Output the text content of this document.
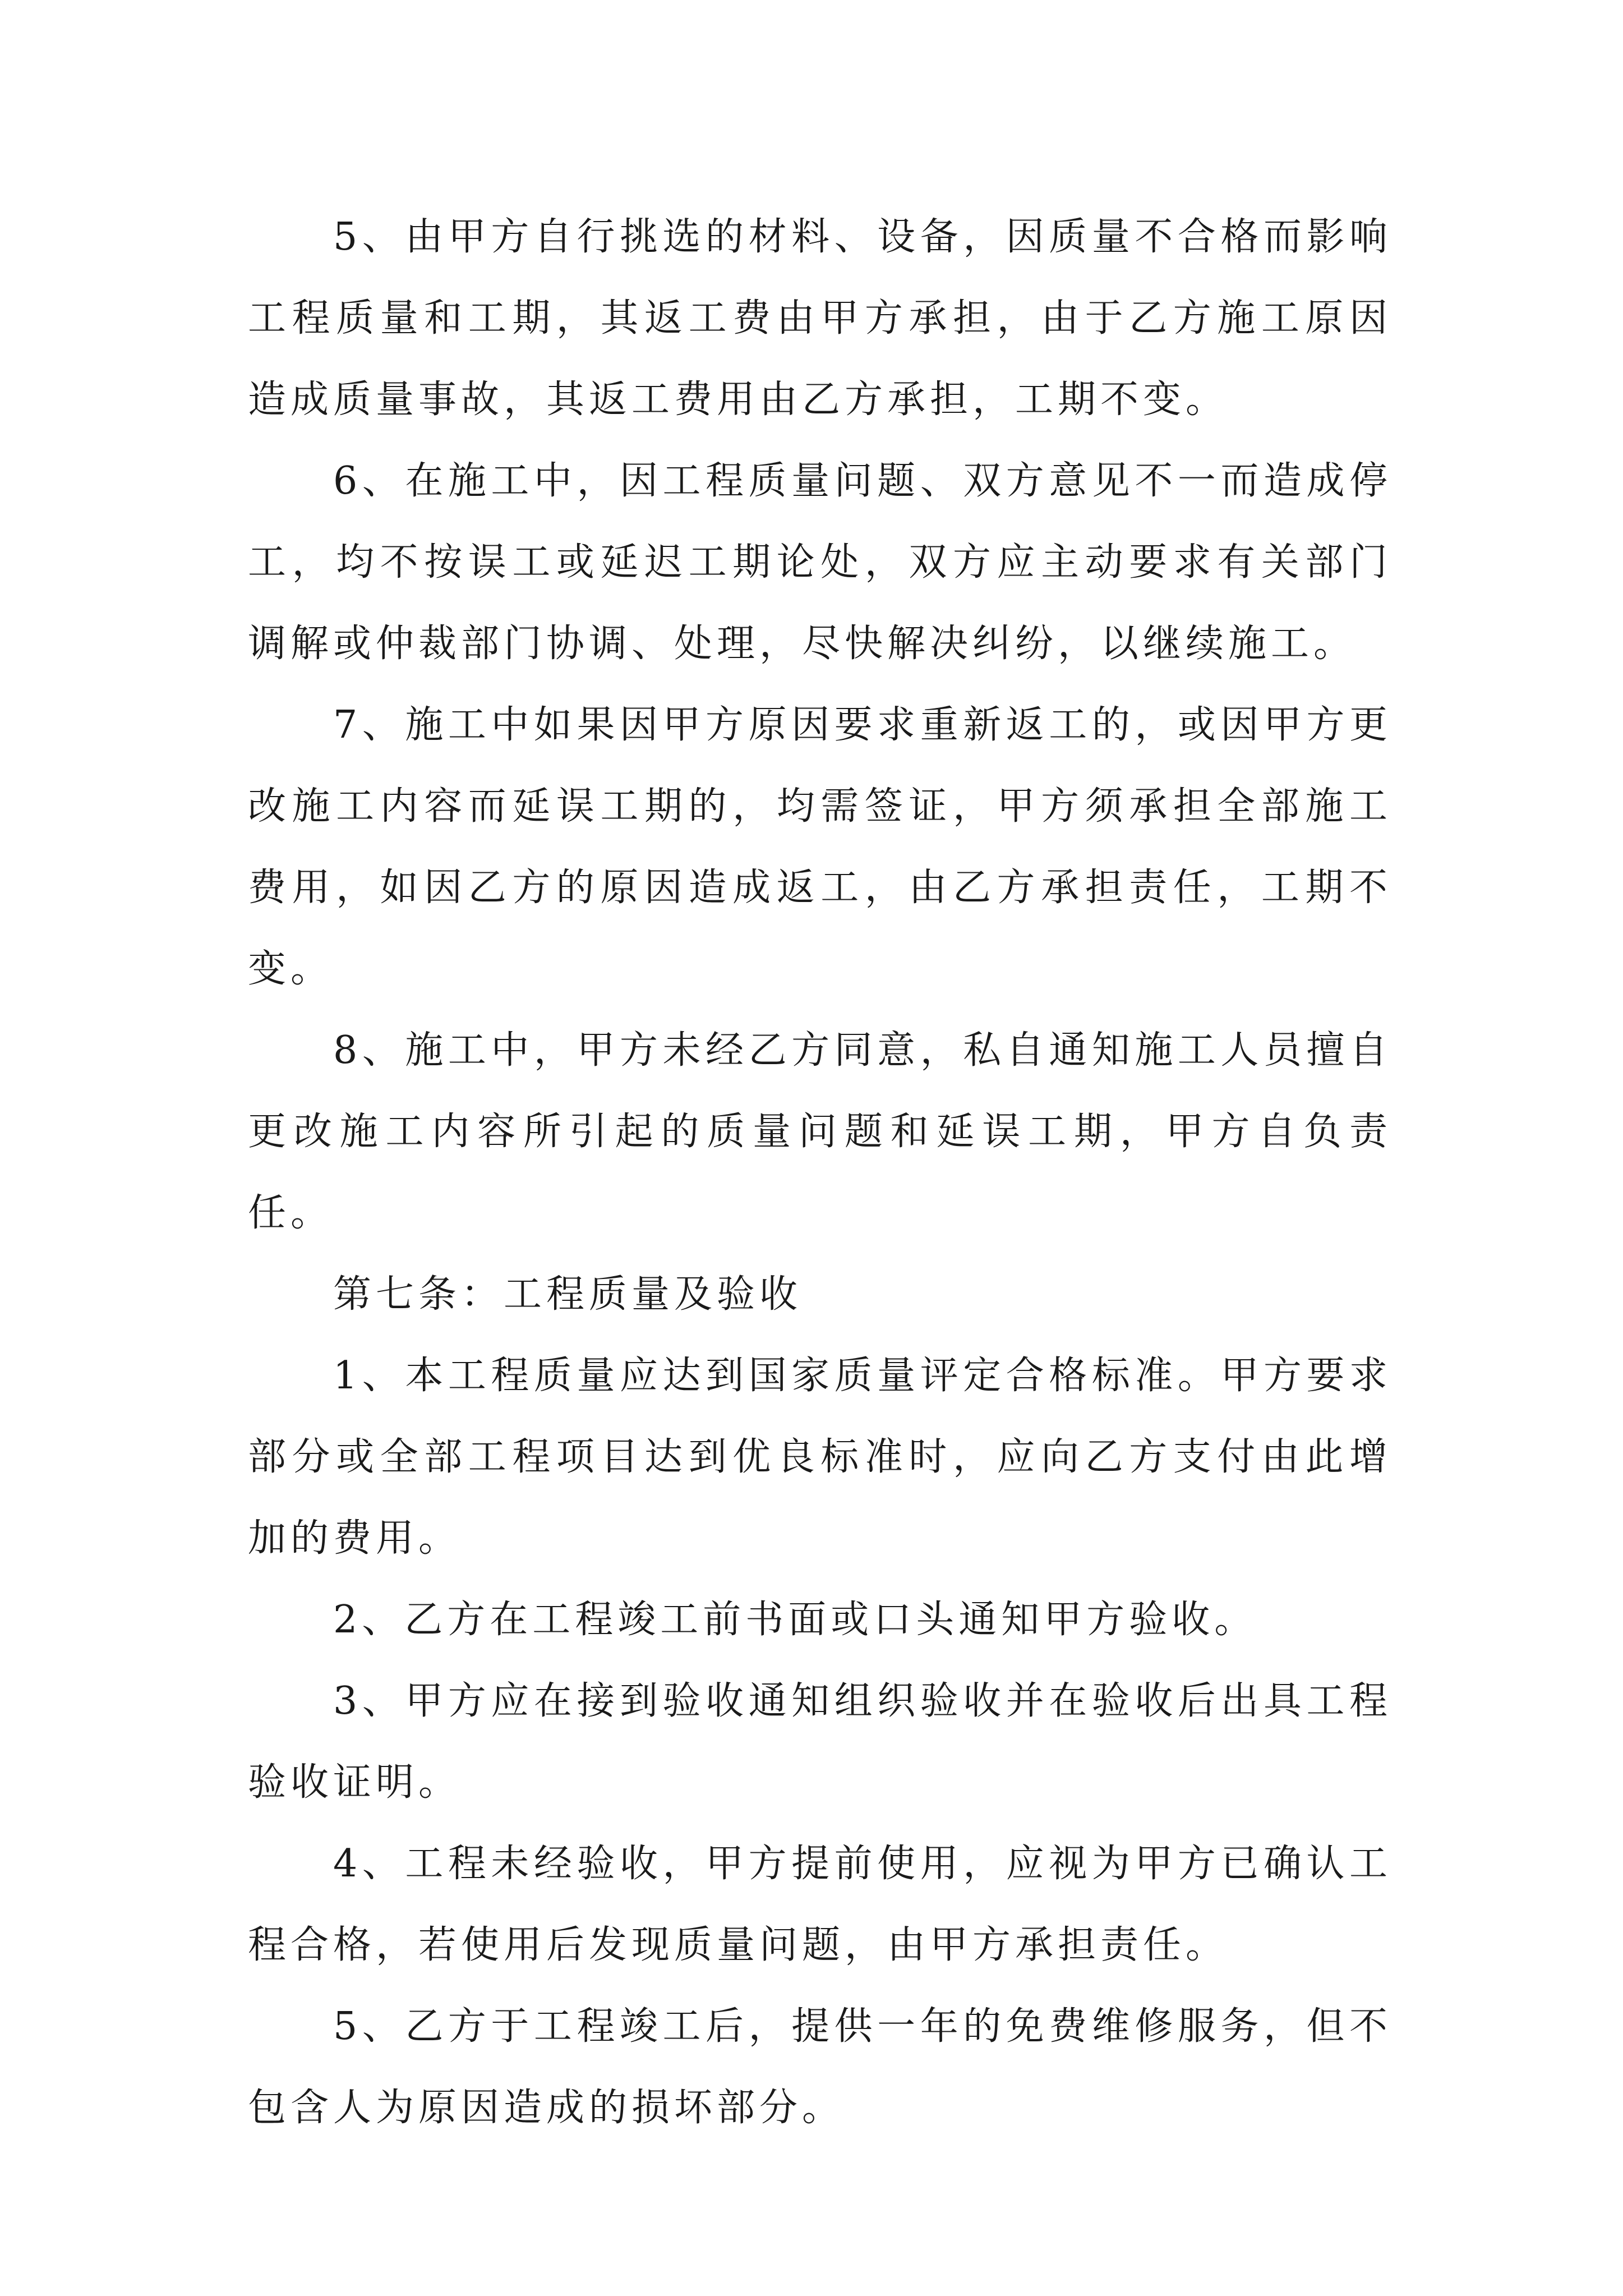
5、由甲方自行挑选的材料、设备，因质量不合格而影响工程质量和工期，其返工费由甲方承担，由于乙方施工原因造成质量事故，其返工费用由乙方承担，工期不变。

6、在施工中，因工程质量问题、双方意见不一而造成停工，均不按误工或延迟工期论处，双方应主动要求有关部门调解或仲裁部门协调、处理，尽快解决纠纷，以继续施工。

7、施工中如果因甲方原因要求重新返工的，或因甲方更改施工内容而延误工期的，均需签证，甲方须承担全部施工费用，如因乙方的原因造成返工，由乙方承担责任，工期不变。

8、施工中，甲方未经乙方同意，私自通知施工人员擅自更改施工内容所引起的质量问题和延误工期，甲方自负责任。

第七条：工程质量及验收

1、本工程质量应达到国家质量评定合格标准。甲方要求部分或全部工程项目达到优良标准时，应向乙方支付由此增加的费用。

2、乙方在工程竣工前书面或口头通知甲方验收。

3、甲方应在接到验收通知组织验收并在验收后出具工程验收证明。

4、工程未经验收，甲方提前使用，应视为甲方已确认工程合格，若使用后发现质量问题，由甲方承担责任。

5、乙方于工程竣工后，提供一年的免费维修服务，但不包含人为原因造成的损坏部分。
